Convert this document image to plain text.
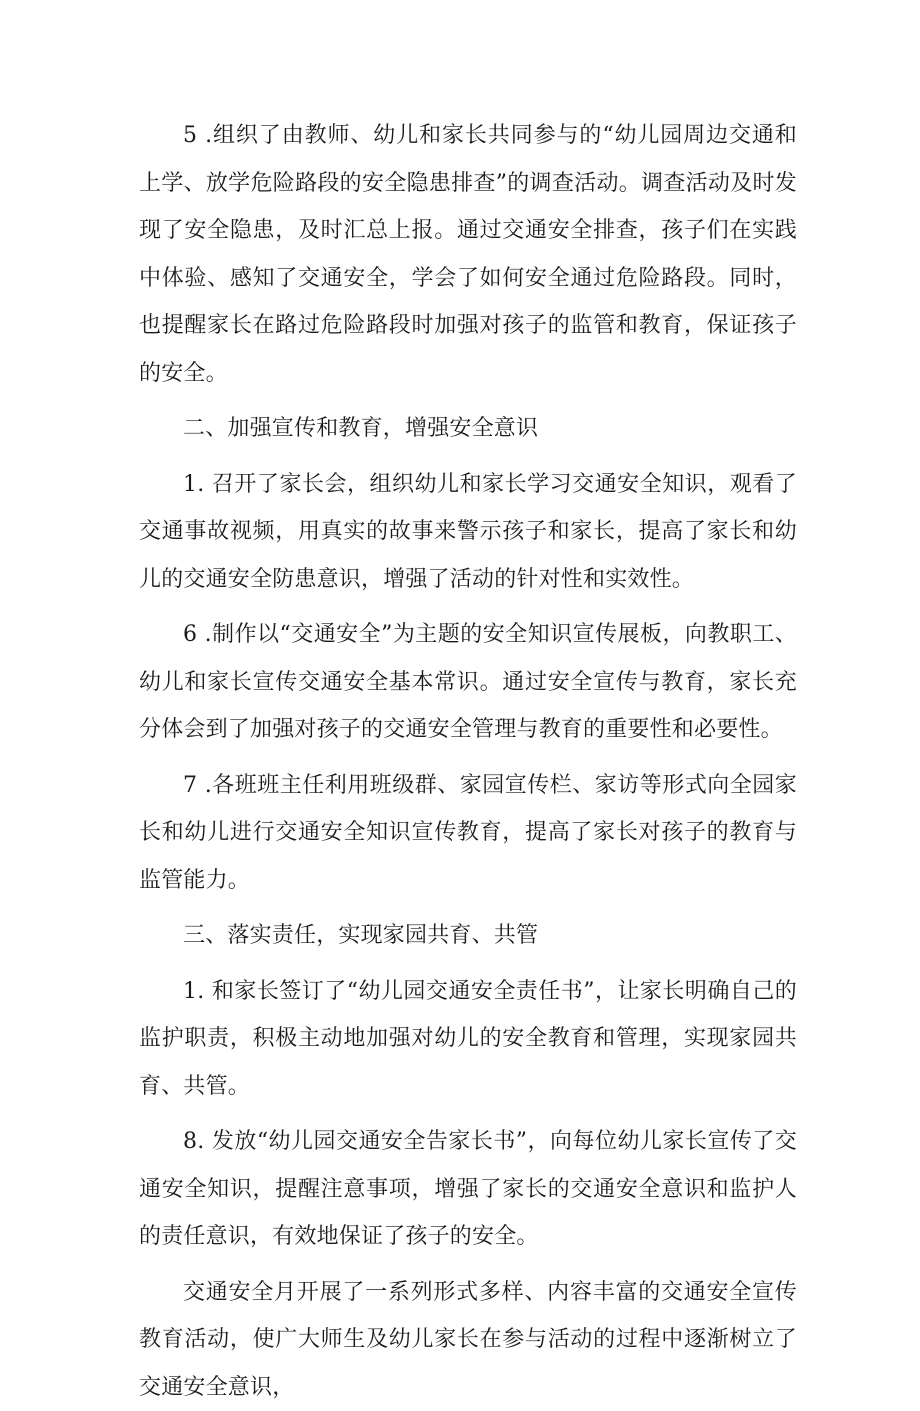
5 .组织了由教师、幼儿和家长共同参与的“幼儿园周边交通和上学、放学危险路段的安全隐患排查”的调查活动。调查活动及时发现了安全隐患，及时汇总上报。通过交通安全排查，孩子们在实践中体验、感知了交通安全，学会了如何安全通过危险路段。同时，也提醒家长在路过危险路段时加强对孩子的监管和教育，保证孩子的安全。

二、加强宣传和教育，增强安全意识

1. 召开了家长会，组织幼儿和家长学习交通安全知识，观看了交通事故视频，用真实的故事来警示孩子和家长，提高了家长和幼儿的交通安全防患意识，增强了活动的针对性和实效性。

6 .制作以“交通安全”为主题的安全知识宣传展板，向教职工、幼儿和家长宣传交通安全基本常识。通过安全宣传与教育，家长充分体会到了加强对孩子的交通安全管理与教育的重要性和必要性。

7 .各班班主任利用班级群、家园宣传栏、家访等形式向全园家长和幼儿进行交通安全知识宣传教育，提高了家长对孩子的教育与监管能力。

三、落实责任，实现家园共育、共管

1. 和家长签订了“幼儿园交通安全责任书”，让家长明确自己的监护职责，积极主动地加强对幼儿的安全教育和管理，实现家园共育、共管。

8. 发放“幼儿园交通安全告家长书”，向每位幼儿家长宣传了交通安全知识，提醒注意事项，增强了家长的交通安全意识和监护人的责任意识，有效地保证了孩子的安全。

交通安全月开展了一系列形式多样、内容丰富的交通安全宣传教育活动，使广大师生及幼儿家长在参与活动的过程中逐渐树立了交通安全意识，
